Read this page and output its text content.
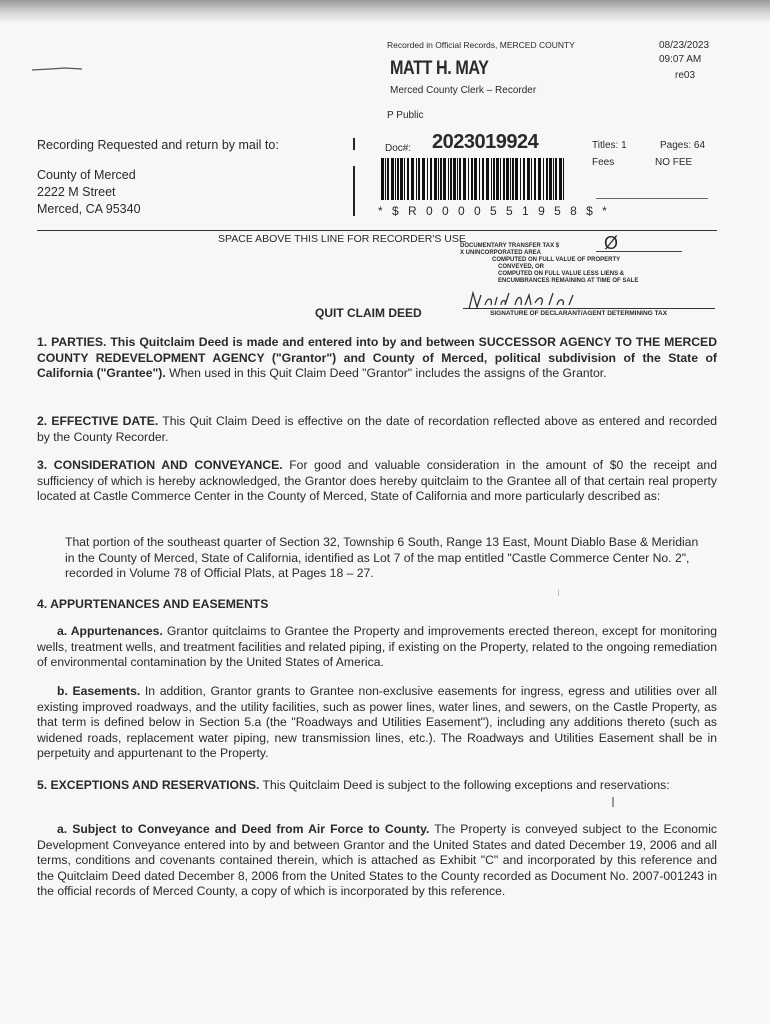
Recorded in Official Records, MERCED COUNTY
MATT H. MAY
Merced County Clerk – Recorder
08/23/2023
09:07 AM
re03
P Public
Recording Requested and return by mail to:
County of Merced
2222 M Street
Merced, CA 95340
Doc#: 2023019924	Titles: 1	Pages: 64
Fees	NO FEE
* $ R 0 0 0 0 5 5 1 9 5 8 $ *
SPACE ABOVE THIS LINE FOR RECORDER'S USE	Ø
DOCUMENTARY TRANSFER TAX $
X UNINCORPORATED AREA
COMPUTED ON FULL VALUE OF PROPERTY
CONVEYED, OR
COMPUTED ON FULL VALUE LESS LIENS &
ENCUMBRANCES REMAINING AT TIME OF SALE
QUIT CLAIM DEED	SIGNATURE OF DECLARANT/AGENT DETERMINING TAX
1. PARTIES. This Quitclaim Deed is made and entered into by and between SUCCESSOR AGENCY TO THE MERCED COUNTY REDEVELOPMENT AGENCY ("Grantor") and County of Merced, political subdivision of the State of California ("Grantee"). When used in this Quit Claim Deed "Grantor" includes the assigns of the Grantor.
2. EFFECTIVE DATE. This Quit Claim Deed is effective on the date of recordation reflected above as entered and recorded by the County Recorder.
3. CONSIDERATION AND CONVEYANCE. For good and valuable consideration in the amount of $0 the receipt and sufficiency of which is hereby acknowledged, the Grantor does hereby quitclaim to the Grantee all of that certain real property located at Castle Commerce Center in the County of Merced, State of California and more particularly described as:
That portion of the southeast quarter of Section 32, Township 6 South, Range 13 East, Mount Diablo Base & Meridian in the County of Merced, State of California, identified as Lot 7 of the map entitled "Castle Commerce Center No. 2", recorded in Volume 78 of Official Plats, at Pages 18 – 27.
4. APPURTENANCES AND EASEMENTS
a. Appurtenances. Grantor quitclaims to Grantee the Property and improvements erected thereon, except for monitoring wells, treatment wells, and treatment facilities and related piping, if existing on the Property, related to the ongoing remediation of environmental contamination by the United States of America.
b. Easements. In addition, Grantor grants to Grantee non-exclusive easements for ingress, egress and utilities over all existing improved roadways, and the utility facilities, such as power lines, water lines, and sewers, on the Castle Property, as that term is defined below in Section 5.a (the "Roadways and Utilities Easement"), including any additions thereto (such as widened roads, replacement water piping, new transmission lines, etc.). The Roadways and Utilities Easement shall be in perpetuity and appurtenant to the Property.
5. EXCEPTIONS AND RESERVATIONS. This Quitclaim Deed is subject to the following exceptions and reservations:
a. Subject to Conveyance and Deed from Air Force to County. The Property is conveyed subject to the Economic Development Conveyance entered into by and between Grantor and the United States and dated December 19, 2006 and all terms, conditions and covenants contained therein, which is attached as Exhibit "C" and incorporated by this reference and the Quitclaim Deed dated December 8, 2006 from the United States to the County recorded as Document No. 2007-001243 in the official records of Merced County, a copy of which is incorporated by this reference.
